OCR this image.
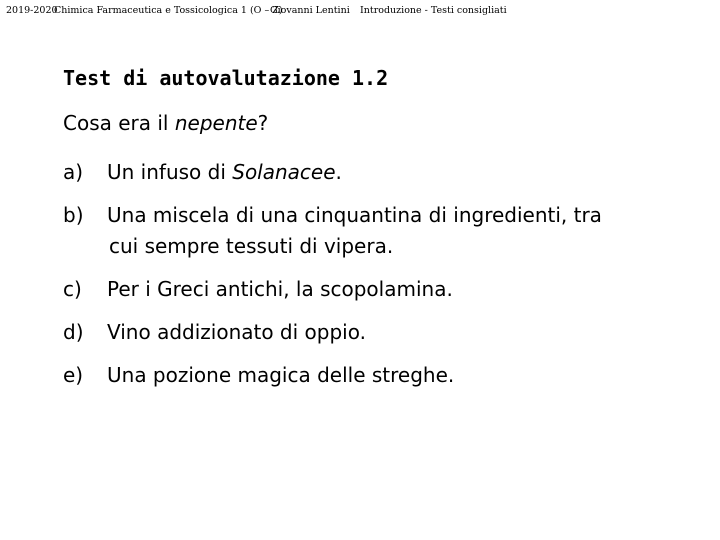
2019-2020
Chimica Farmaceutica e Tossicologica 1 (O – Z)
Giovanni Lentini Introduzione - Testi consigliati
Test di autovalutazione 1.2
Cosa era il nepente?
a) Un infuso di Solanacee.
b) Una miscela di una cinquantina di ingredienti, tra
cui sempre tessuti di vipera.
c) Per i Greci antichi, la scopolamina.
d) Vino addizionato di oppio.
e) Una pozione magica delle streghe.
